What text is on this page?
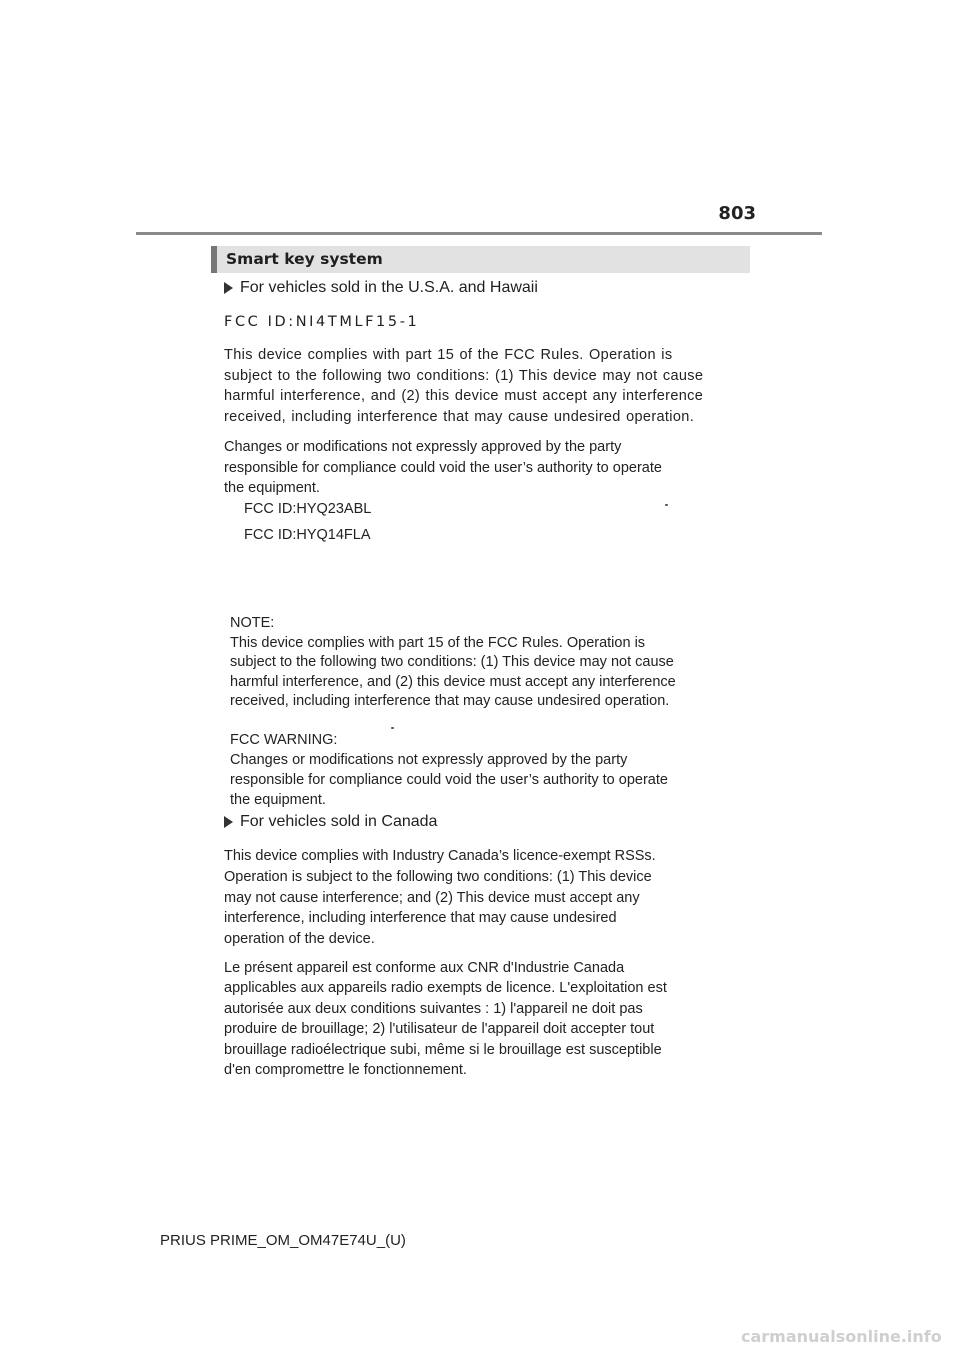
803
Smart key system
For vehicles sold in the U.S.A. and Hawaii
FCC ID:NI4TMLF15-1

This device complies with part 15 of the FCC Rules. Operation is
subject to the following two conditions: (1) This device may not cause
harmful interference, and (2) this device must accept any interference
received, including interference that may cause undesired operation.

Changes or modifications not expressly approved by the party
responsible for compliance could void the user’s authority to operate
the equipment.

FCC ID:HYQ23ABL
FCC ID:HYQ14FLA

NOTE:
This device complies with part 15 of the FCC Rules. Operation is
subject to the following two conditions: (1) This device may not cause
harmful interference, and (2) this device must accept any interference
received, including interference that may cause undesired operation.

FCC WARNING:
Changes or modifications not expressly approved by the party
responsible for compliance could void the user’s authority to operate
the equipment.

For vehicles sold in Canada

This device complies with Industry Canada’s licence-exempt RSSs.
Operation is subject to the following two conditions: (1) This device
may not cause interference; and (2) This device must accept any
interference, including interference that may cause undesired
operation of the device.

Le présent appareil est conforme aux CNR d'Industrie Canada
applicables aux appareils radio exempts de licence. L'exploitation est
autorisée aux deux conditions suivantes : 1) l'appareil ne doit pas
produire de brouillage; 2) l'utilisateur de l'appareil doit accepter tout
brouillage radioélectrique subi, même si le brouillage est susceptible
d'en compromettre le fonctionnement.

PRIUS PRIME_OM_OM47E74U_(U)
carmanualsonline.info
